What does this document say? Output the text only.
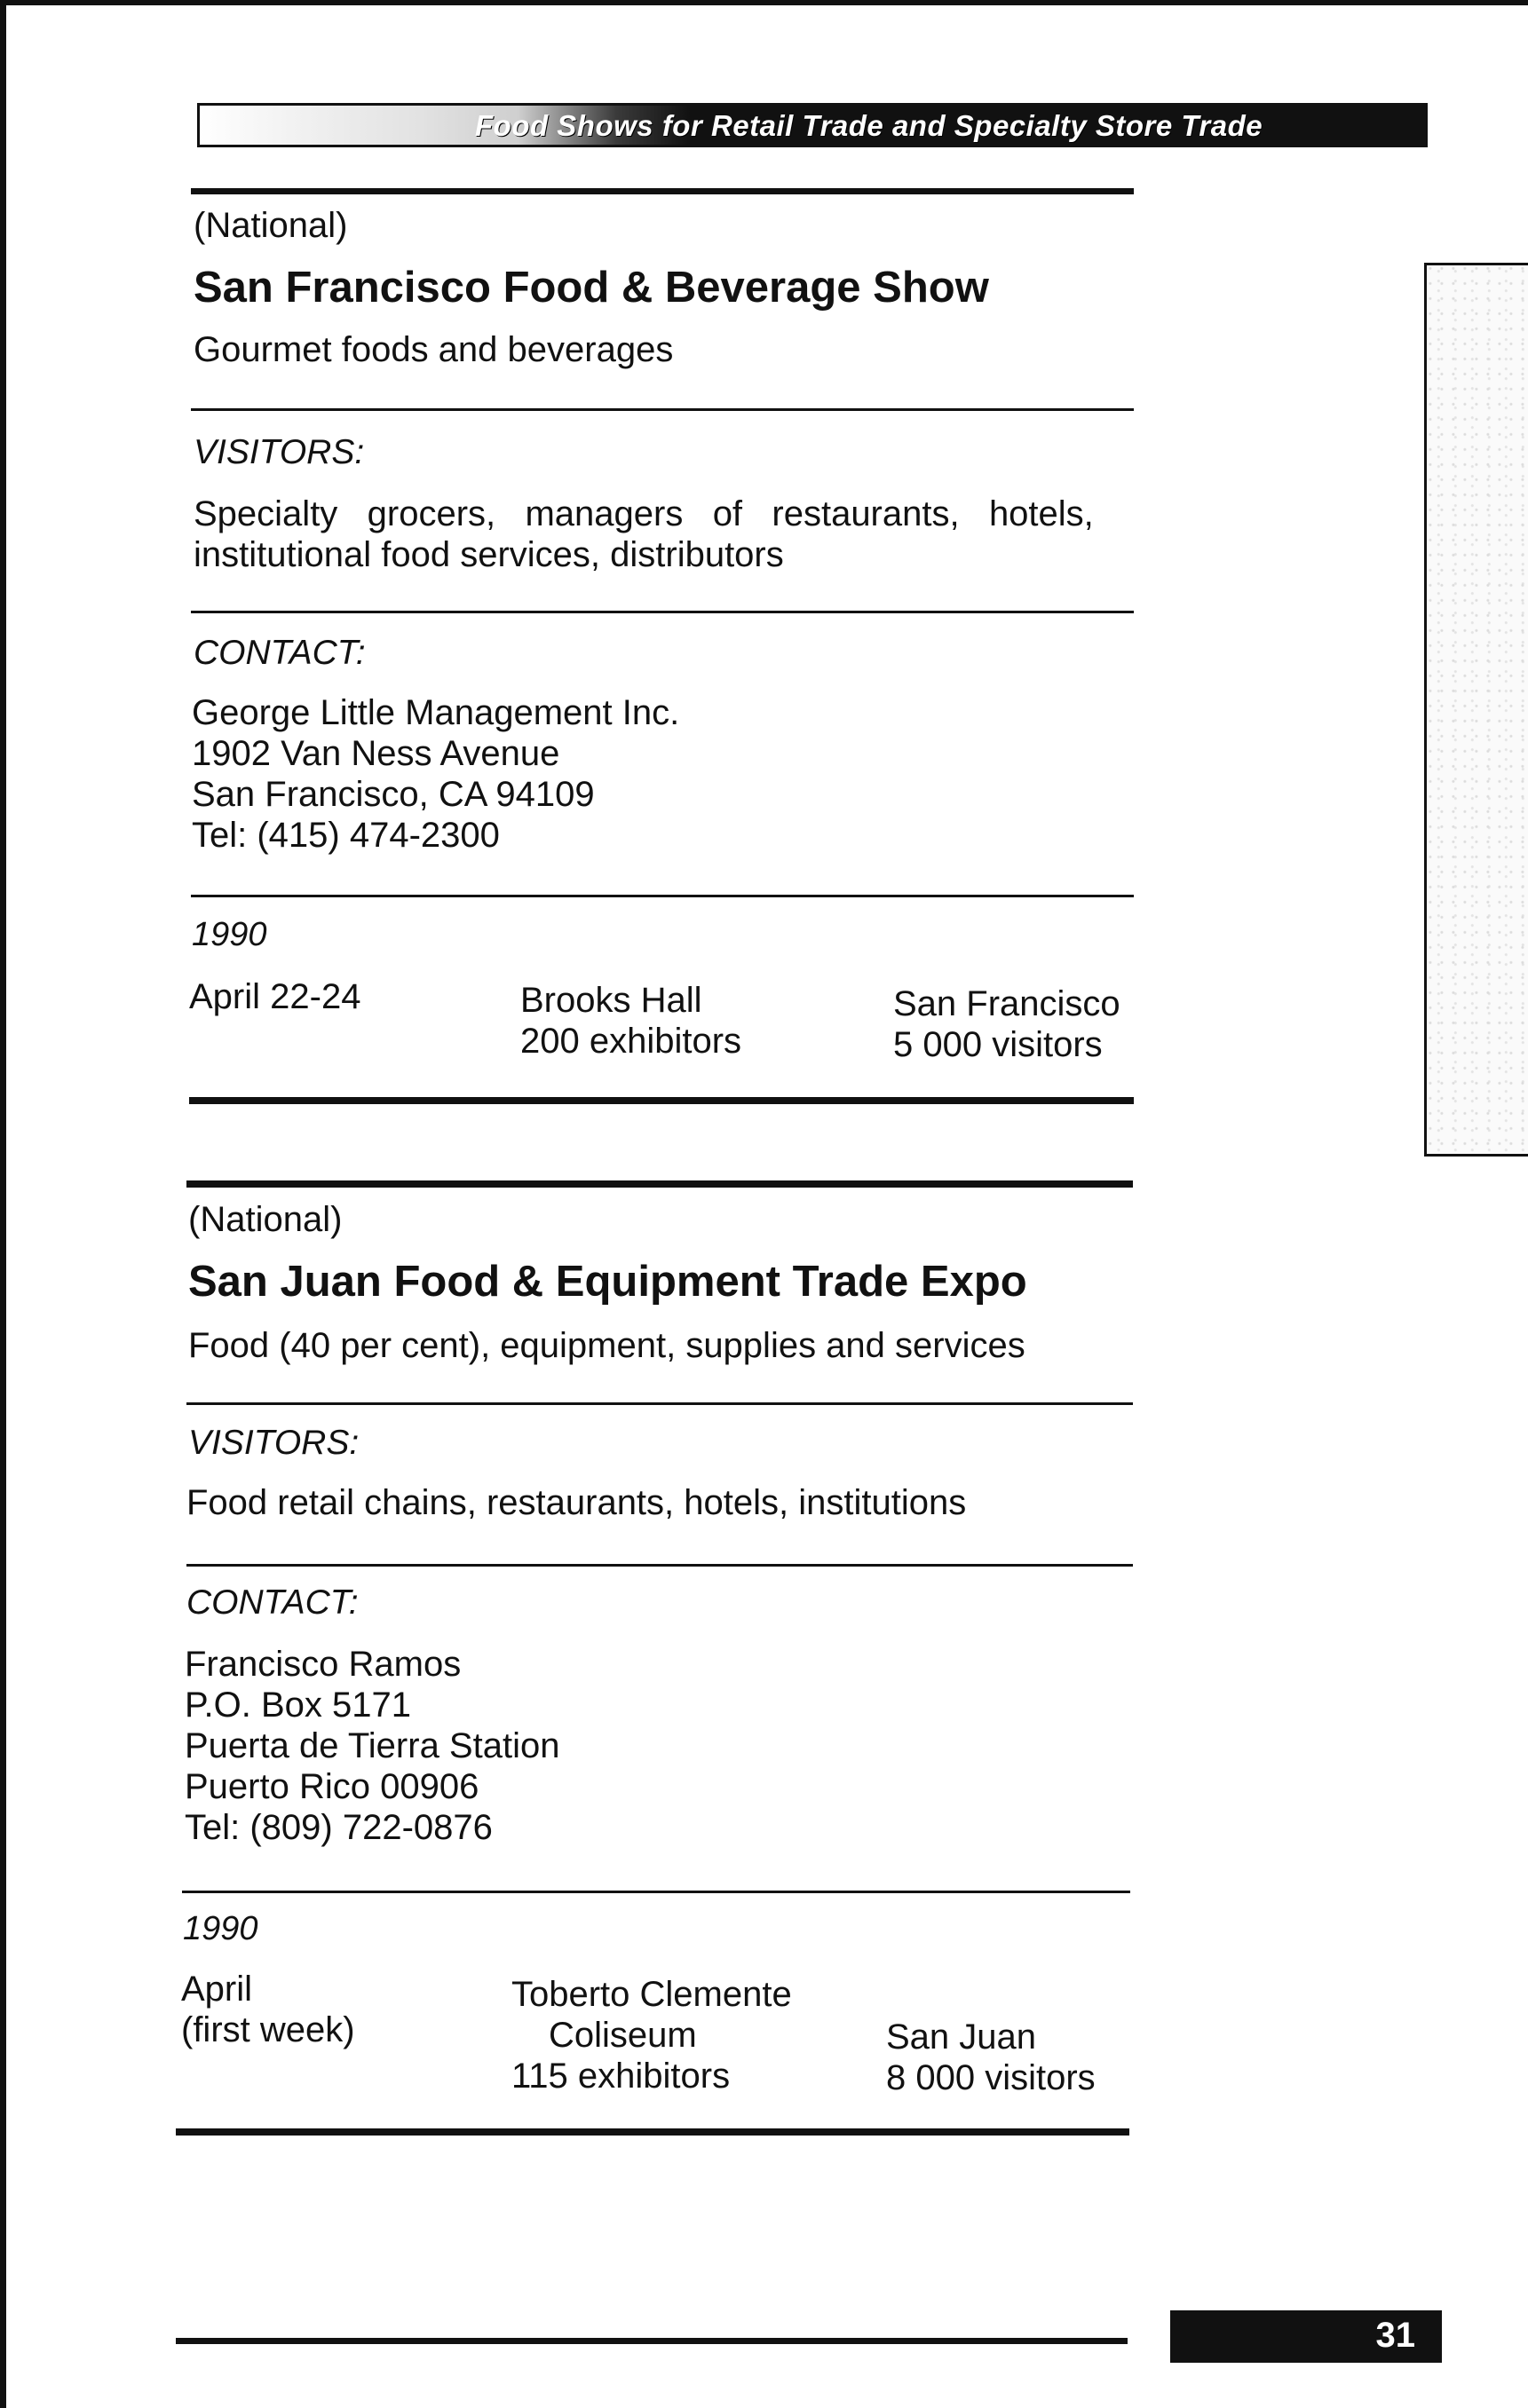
Food Shows for Retail Trade and Specialty Store Trade
(National)
San Francisco Food & Beverage Show
Gourmet foods and beverages
VISITORS:
Specialty   grocers,   managers   of   restaurants,   hotels,
institutional food services, distributors
CONTACT:
George Little Management Inc.
1902 Van Ness Avenue
San Francisco, CA 94109
Tel: (415) 474-2300
1990
April 22-24	Brooks Hall
200 exhibitors
San Francisco
5 000 visitors
(National)
San Juan Food & Equipment Trade Expo
Food (40 per cent), equipment, supplies and services
VISITORS:
Food retail chains, restaurants, hotels, institutions
CONTACT:
Francisco Ramos
P.O. Box 5171
Puerta de Tierra Station
Puerto Rico 00906
Tel: (809) 722-0876
1990
April
(first week)
Toberto Clemente
Coliseum
115 exhibitors
San Juan
8 000 visitors
31
